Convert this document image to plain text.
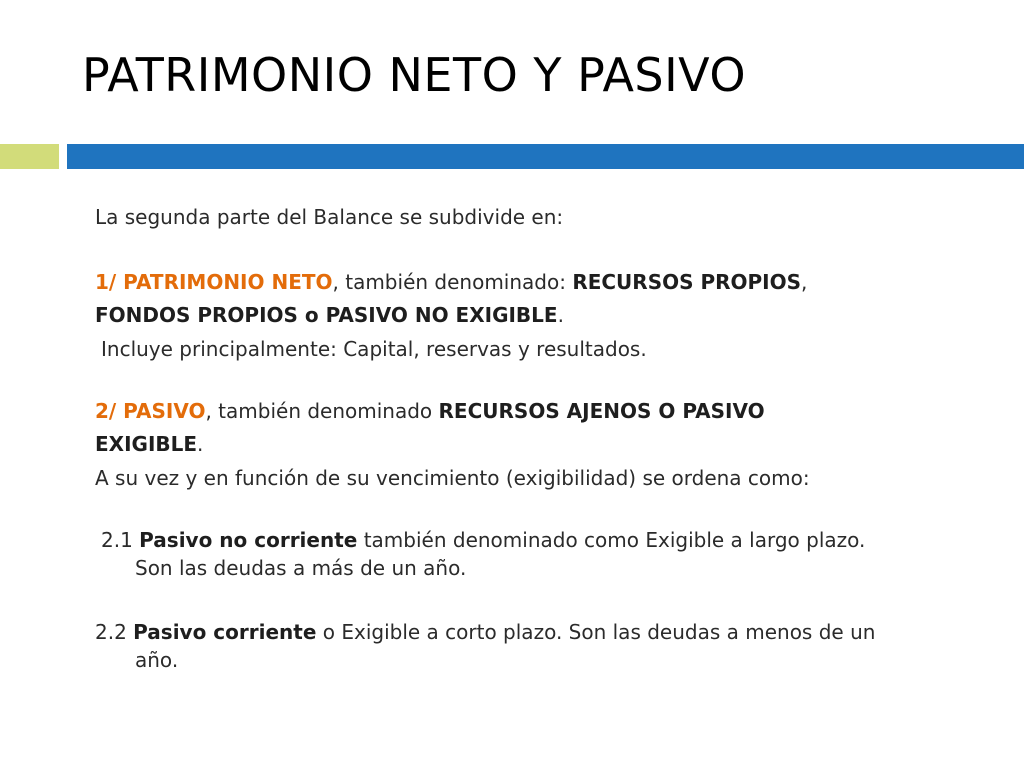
PATRIMONIO NETO Y PASIVO
La segunda parte del Balance se subdivide en:
1/ PATRIMONIO NETO, también denominado: RECURSOS PROPIOS,
FONDOS PROPIOS o PASIVO NO EXIGIBLE.
Incluye principalmente: Capital, reservas y resultados.
2/ PASIVO, también denominado RECURSOS AJENOS O PASIVO
EXIGIBLE.
A su vez y en función de su vencimiento (exigibilidad) se ordena como:
2.1 Pasivo no corriente también denominado como Exigible a largo plazo.
Son las deudas a más de un año.
2.2 Pasivo corriente o Exigible a corto plazo. Son las deudas a menos de un
año.
